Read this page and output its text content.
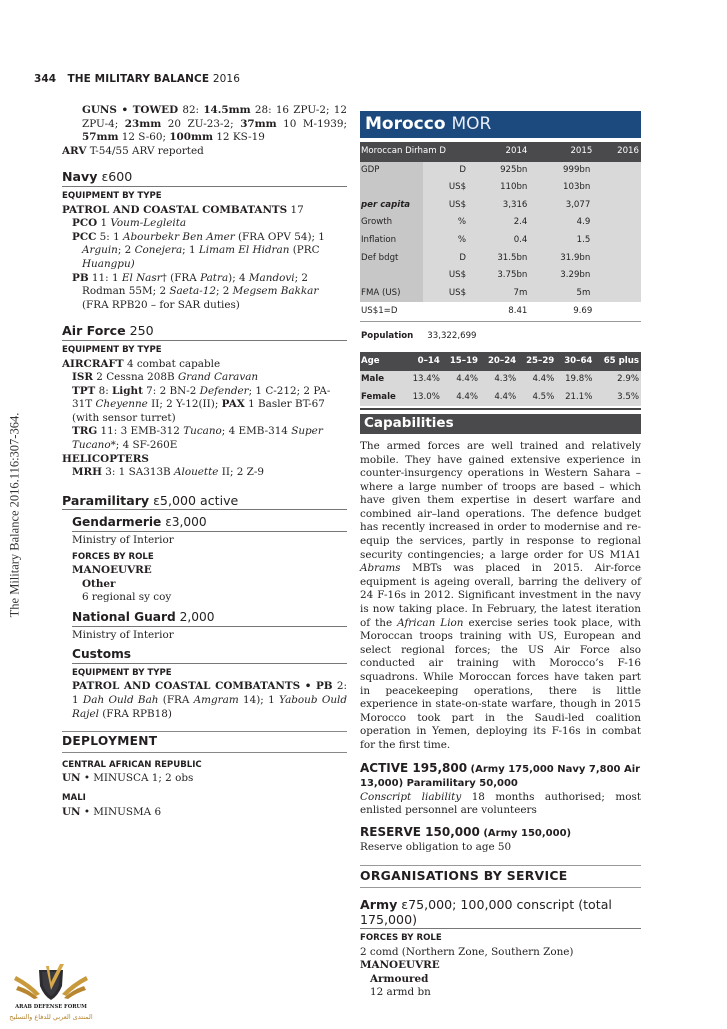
344 THE MILITARY BALANCE 2016
The Military Balance 2016.116:307-364.
GUNS • TOWED 82: 14.5mm 28: 16 ZPU-2; 12 ZPU-4; 23mm 20 ZU-23-2; 37mm 10 M-1939; 57mm 12 S-60; 100mm 12 KS-19
ARV T-54/55 ARV reported
Navy ε600
EQUIPMENT BY TYPE
PATROL AND COASTAL COMBATANTS 17
PCO 1 Voum-Legleita
PCC 5: 1 Abourbekr Ben Amer (FRA OPV 54); 1 Arguin; 2 Conejera; 1 Limam El Hidran (PRC Huangpu)
PB 11: 1 El Nasr† (FRA Patra); 4 Mandovi; 2 Rodman 55M; 2 Saeta-12; 2 Megsem Bakkar (FRA RPB20 – for SAR duties)
Air Force 250
EQUIPMENT BY TYPE
AIRCRAFT 4 combat capable
ISR 2 Cessna 208B Grand Caravan
TPT 8: Light 7: 2 BN-2 Defender; 1 C-212; 2 PA-31T Cheyenne II; 2 Y-12(II); PAX 1 Basler BT-67 (with sensor turret)
TRG 11: 3 EMB-312 Tucano; 4 EMB-314 Super Tucano*; 4 SF-260E
HELICOPTERS
MRH 3: 1 SA313B Alouette II; 2 Z-9
Paramilitary ε5,000 active
Gendarmerie ε3,000
Ministry of Interior
FORCES BY ROLE
MANOEUVRE
Other
6 regional sy coy
National Guard 2,000
Ministry of Interior
Customs
EQUIPMENT BY TYPE
PATROL AND COASTAL COMBATANTS • PB 2: 1 Dah Ould Bah (FRA Amgram 14); 1 Yaboub Ould Rajel (FRA RPB18)
DEPLOYMENT
CENTRAL AFRICAN REPUBLIC
UN • MINUSCA 1; 2 obs
MALI
UN • MINUSMA 6
Morocco MOR
Moroccan Dirham D		2014	2015	2016
GDP	D	925bn	999bn	
	US$	110bn	103bn	
per capita	US$	3,316	3,077	
Growth	%	2.4	4.9	
Inflation	%	0.4	1.5	
Def bdgt	D	31.5bn	31.9bn	
	US$	3.75bn	3.29bn	
FMA (US)	US$	7m	5m	
US$1=D		8.41	9.69	
Population 33,322,699
Age	0–14	15–19	20–24	25–29	30–64	65 plus
Male	13.4%	4.4%	4.3%	4.4%	19.8%	2.9%
Female	13.0%	4.4%	4.4%	4.5%	21.1%	3.5%
Capabilities
The armed forces are well trained and relatively mobile. They have gained extensive experience in counter-insurgency operations in Western Sahara – where a large number of troops are based – which have given them expertise in desert warfare and combined air–land operations. The defence budget has recently increased in order to modernise and re-equip the services, partly in response to regional security contingencies; a large order for US M1A1 Abrams MBTs was placed in 2015. Air-force equipment is ageing overall, barring the delivery of 24 F-16s in 2012. Significant investment in the navy is now taking place. In February, the latest iteration of the African Lion exercise series took place, with Moroccan troops training with US, European and select regional forces; the US Air Force also conducted air training with Morocco’s F-16 squadrons. While Moroccan forces have taken part in peacekeeping operations, there is little experience in state-on-state warfare, though in 2015 Morocco took part in the Saudi-led coalition operation in Yemen, deploying its F-16s in combat for the first time.
ACTIVE 195,800 (Army 175,000 Navy 7,800 Air 13,000) Paramilitary 50,000
Conscript liability 18 months authorised; most enlisted personnel are volunteers
RESERVE 150,000 (Army 150,000)
Reserve obligation to age 50
ORGANISATIONS BY SERVICE
Army ε75,000; 100,000 conscript (total 175,000)
FORCES BY ROLE
2 comd (Northern Zone, Southern Zone)
MANOEUVRE
Armoured
12 armd bn
ARAB DEFENSE FORUM
المنتدى العربي للدفاع والتسليح
